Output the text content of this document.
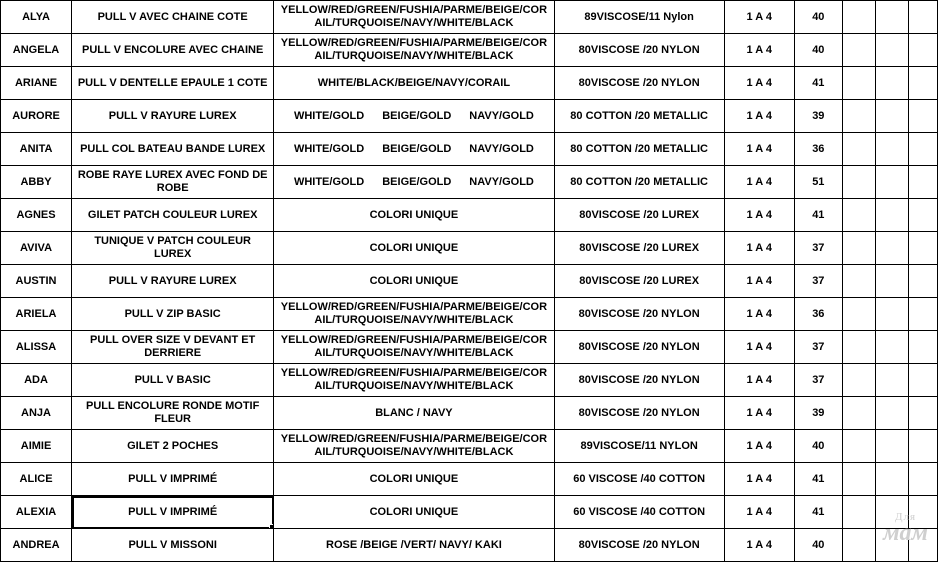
ALYA	PULL V AVEC CHAINE COTE	YELLOW/RED/GREEN/FUSHIA/PARME/BEIGE/CORAIL/TURQUOISE/NAVY/WHITE/BLACK	89VISCOSE/11 Nylon	1 A 4	40			
ANGELA	PULL V ENCOLURE AVEC CHAINE	YELLOW/RED/GREEN/FUSHIA/PARME/BEIGE/CORAIL/TURQUOISE/NAVY/WHITE/BLACK	80VISCOSE /20 NYLON	1 A 4	40			
ARIANE	PULL V DENTELLE EPAULE 1 COTE	WHITE/BLACK/BEIGE/NAVY/CORAIL	80VISCOSE /20 NYLON	1 A 4	41			
AURORE	PULL V RAYURE LUREX	WHITE/GOLD BEIGE/GOLD NAVY/GOLD	80 COTTON /20 METALLIC	1 A 4	39			
ANITA	PULL COL BATEAU BANDE LUREX	WHITE/GOLD BEIGE/GOLD NAVY/GOLD	80 COTTON /20 METALLIC	1 A 4	36			
ABBY	ROBE RAYE LUREX AVEC FOND DE ROBE	WHITE/GOLD BEIGE/GOLD NAVY/GOLD	80 COTTON /20 METALLIC	1 A 4	51			
AGNES	GILET PATCH COULEUR LUREX	COLORI UNIQUE	80VISCOSE /20 LUREX	1 A 4	41			
AVIVA	TUNIQUE V PATCH COULEUR LUREX	COLORI UNIQUE	80VISCOSE /20 LUREX	1 A 4	37			
AUSTIN	PULL V RAYURE LUREX	COLORI UNIQUE	80VISCOSE /20 LUREX	1 A 4	37			
ARIELA	PULL V ZIP BASIC	YELLOW/RED/GREEN/FUSHIA/PARME/BEIGE/CORAIL/TURQUOISE/NAVY/WHITE/BLACK	80VISCOSE /20 NYLON	1 A 4	36			
ALISSA	PULL OVER SIZE V DEVANT ET DERRIERE	YELLOW/RED/GREEN/FUSHIA/PARME/BEIGE/CORAIL/TURQUOISE/NAVY/WHITE/BLACK	80VISCOSE /20 NYLON	1 A 4	37			
ADA	PULL V BASIC	YELLOW/RED/GREEN/FUSHIA/PARME/BEIGE/CORAIL/TURQUOISE/NAVY/WHITE/BLACK	80VISCOSE /20 NYLON	1 A 4	37			
ANJA	PULL ENCOLURE RONDE MOTIF FLEUR	BLANC / NAVY	80VISCOSE /20 NYLON	1 A 4	39			
AIMIE	GILET 2 POCHES	YELLOW/RED/GREEN/FUSHIA/PARME/BEIGE/CORAIL/TURQUOISE/NAVY/WHITE/BLACK	89VISCOSE/11 NYLON	1 A 4	40			
ALICE	PULL V IMPRIMÉ	COLORI UNIQUE	60 VISCOSE /40 COTTON	1 A 4	41			
ALEXIA	PULL V IMPRIMÉ	COLORI UNIQUE	60 VISCOSE /40 COTTON	1 A 4	41			
ANDREA	PULL V MISSONI	ROSE /BEIGE /VERT/ NAVY/ KAKI	80VISCOSE /20 NYLON	1 A 4	40			
Для
мам
